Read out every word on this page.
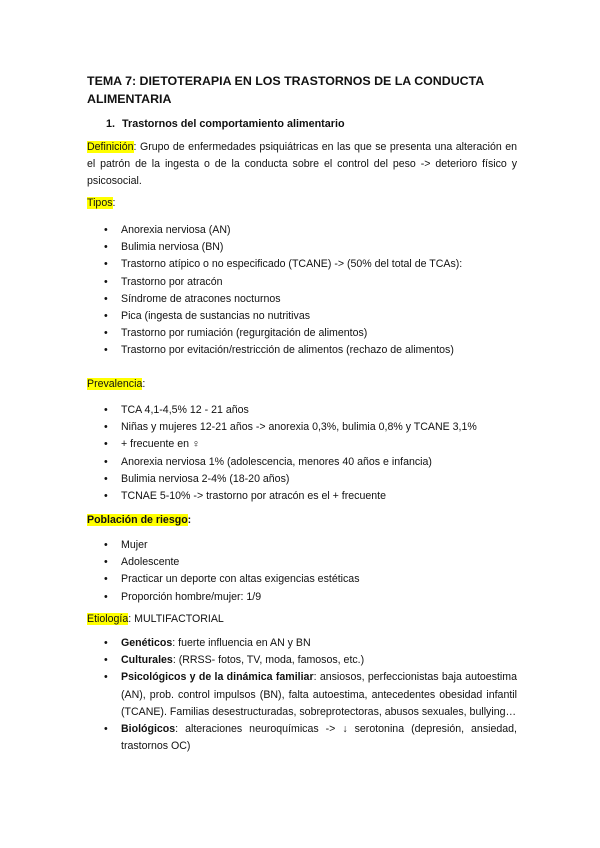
TEMA 7: DIETOTERAPIA EN LOS TRASTORNOS DE LA CONDUCTA ALIMENTARIA
1. Trastornos del comportamiento alimentario
Definición: Grupo de enfermedades psiquiátricas en las que se presenta una alteración en el patrón de la ingesta o de la conducta sobre el control del peso -> deterioro físico y psicosocial.
Tipos:
• Anorexia nerviosa (AN)
• Bulimia nerviosa (BN)
• Trastorno atípico o no especificado (TCANE) -> (50% del total de TCAs):
• Trastorno por atracón
• Síndrome de atracones nocturnos
• Pica (ingesta de sustancias no nutritivas
• Trastorno por rumiación (regurgitación de alimentos)
• Trastorno por evitación/restricción de alimentos (rechazo de alimentos)
Prevalencia:
• TCA 4,1-4,5% 12 - 21 años
• Niñas y mujeres 12-21 años -> anorexia 0,3%, bulimia 0,8% y TCANE 3,1%
• + frecuente en ♀
• Anorexia nerviosa 1% (adolescencia, menores 40 años e infancia)
• Bulimia nerviosa 2-4% (18-20 años)
• TCNAE 5-10% -> trastorno por atracón es el + frecuente
Población de riesgo:
• Mujer
• Adolescente
• Practicar un deporte con altas exigencias estéticas
• Proporción hombre/mujer: 1/9
Etiología: MULTIFACTORIAL
• Genéticos: fuerte influencia en AN y BN
• Culturales: (RRSS- fotos, TV, moda, famosos, etc.)
• Psicológicos y de la dinámica familiar: ansiosos, perfeccionistas baja autoestima (AN), prob. control impulsos (BN), falta autoestima, antecedentes obesidad infantil (TCANE). Familias desestructuradas, sobreprotectoras, abusos sexuales, bullying…
• Biológicos: alteraciones neuroquímicas -> ↓ serotonina (depresión, ansiedad, trastornos OC)
